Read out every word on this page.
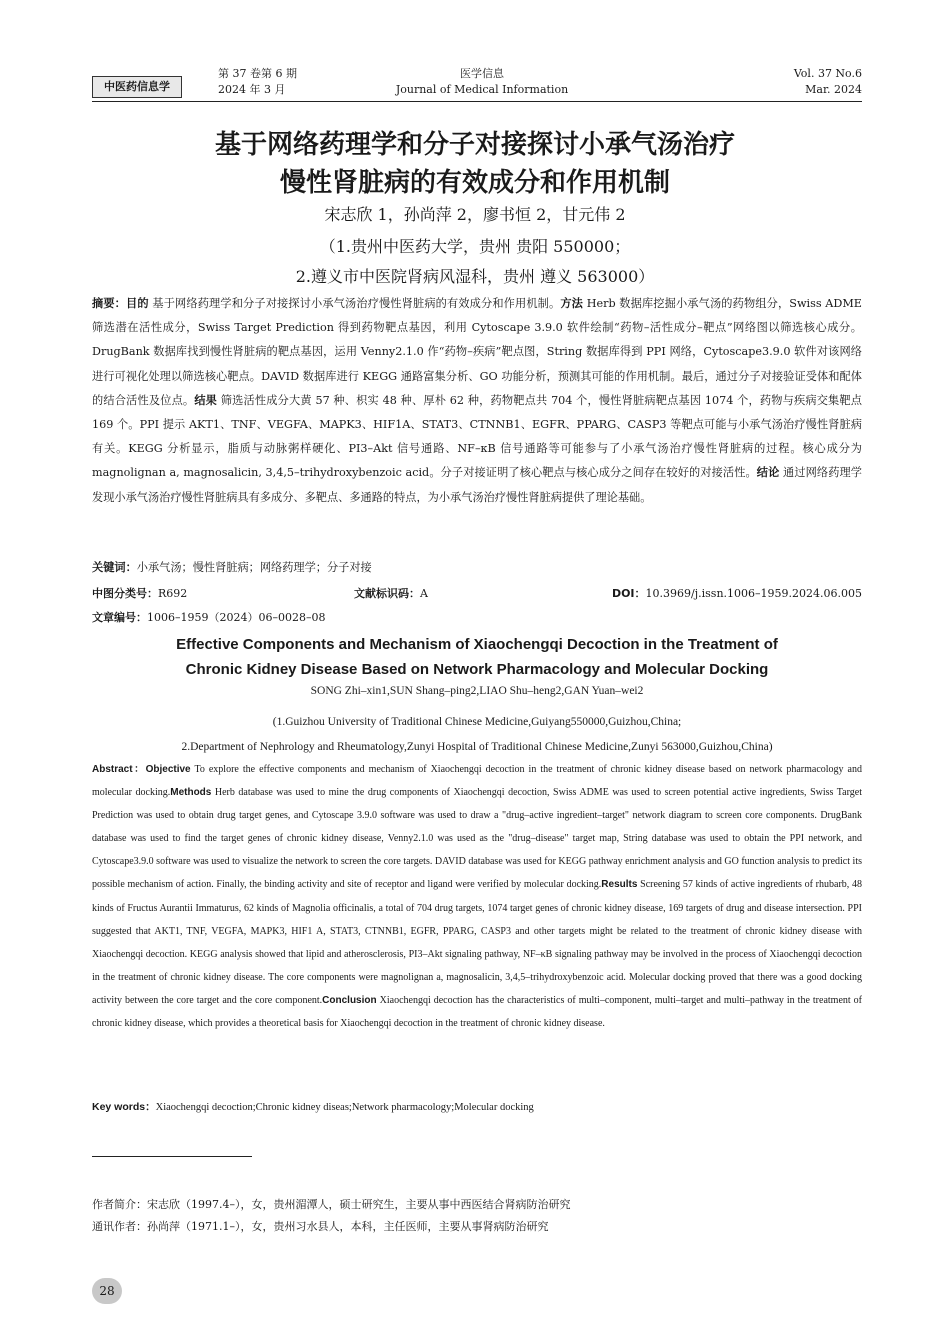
中医药信息学
第 37 卷第 6 期
2024 年 3 月
医学信息
Journal of Medical Information
Vol. 37 No.6
Mar. 2024
基于网络药理学和分子对接探讨小承气汤治疗
慢性肾脏病的有效成分和作用机制
宋志欣 1，孙尚萍 2，廖书恒 2，甘元伟 2
（1.贵州中医药大学，贵州 贵阳 550000；
2.遵义市中医院肾病风湿科，贵州 遵义 563000）
摘要：目的 基于网络药理学和分子对接探讨小承气汤治疗慢性肾脏病的有效成分和作用机制。方法 Herb 数据库挖掘小承气汤的药物组分，Swiss ADME 筛选潜在活性成分，Swiss Target Prediction 得到药物靶点基因，利用 Cytoscape 3.9.0 软件绘制“药物–活性成分–靶点”网络图以筛选核心成分。DrugBank 数据库找到慢性肾脏病的靶点基因，运用 Venny2.1.0 作“药物–疾病”靶点图，String 数据库得到 PPI 网络，Cytoscape3.9.0 软件对该网络进行可视化处理以筛选核心靶点。DAVID 数据库进行 KEGG 通路富集分析、GO 功能分析，预测其可能的作用机制。最后，通过分子对接验证受体和配体的结合活性及位点。结果 筛选活性成分大黄 57 种、枳实 48 种、厚朴 62 种，药物靶点共 704 个，慢性肾脏病靶点基因 1074 个，药物与疾病交集靶点 169 个。PPI 提示 AKT1、TNF、VEGFA、MAPK3、HIF1A、STAT3、CTNNB1、EGFR、PPARG、CASP3 等靶点可能与小承气汤治疗慢性肾脏病有关。KEGG 分析显示，脂质与动脉粥样硬化、PI3–Akt 信号通路、NF–κB 信号通路等可能参与了小承气汤治疗慢性肾脏病的过程。核心成分为 magnolignan a, magnosalicin, 3,4,5–trihydroxybenzoic acid。分子对接证明了核心靶点与核心成分之间存在较好的对接活性。结论 通过网络药理学发现小承气汤治疗慢性肾脏病具有多成分、多靶点、多通路的特点，为小承气汤治疗慢性肾脏病提供了理论基础。
关键词：小承气汤；慢性肾脏病；网络药理学；分子对接
中图分类号：R692	文献标识码：A	DOI：10.3969/j.issn.1006–1959.2024.06.005
文章编号：1006–1959（2024）06–0028–08
Effective Components and Mechanism of Xiaochengqi Decoction in the Treatment of
Chronic Kidney Disease Based on Network Pharmacology and Molecular Docking
SONG Zhi–xin1,SUN Shang–ping2,LIAO Shu–heng2,GAN Yuan–wei2
(1.Guizhou University of Traditional Chinese Medicine,Guiyang550000,Guizhou,China;
2.Department of Nephrology and Rheumatology,Zunyi Hospital of Traditional Chinese Medicine,Zunyi 563000,Guizhou,China)
Abstract：Objective To explore the effective components and mechanism of Xiaochengqi decoction in the treatment of chronic kidney disease based on network pharmacology and molecular docking.Methods Herb database was used to mine the drug components of Xiaochengqi decoction, Swiss ADME was used to screen potential active ingredients, Swiss Target Prediction was used to obtain drug target genes, and Cytoscape 3.9.0 software was used to draw a "drug–active ingredient–target" network diagram to screen core components. DrugBank database was used to find the target genes of chronic kidney disease, Venny2.1.0 was used as the "drug–disease" target map, String database was used to obtain the PPI network, and Cytoscape3.9.0 software was used to visualize the network to screen the core targets. DAVID database was used for KEGG pathway enrichment analysis and GO function analysis to predict its possible mechanism of action. Finally, the binding activity and site of receptor and ligand were verified by molecular docking.Results Screening 57 kinds of active ingredients of rhubarb, 48 kinds of Fructus Aurantii Immaturus, 62 kinds of Magnolia officinalis, a total of 704 drug targets, 1074 target genes of chronic kidney disease, 169 targets of drug and disease intersection. PPI suggested that AKT1, TNF, VEGFA, MAPK3, HIF1 A, STAT3, CTNNB1, EGFR, PPARG, CASP3 and other targets might be related to the treatment of chronic kidney disease with Xiaochengqi decoction. KEGG analysis showed that lipid and atherosclerosis, PI3–Akt signaling pathway, NF–κB signaling pathway may be involved in the process of Xiaochengqi decoction in the treatment of chronic kidney disease. The core components were magnolignan a, magnosalicin, 3,4,5–trihydroxybenzoic acid. Molecular docking proved that there was a good docking activity between the core target and the core component.Conclusion Xiaochengqi decoction has the characteristics of multi–component, multi–target and multi–pathway in the treatment of chronic kidney disease, which provides a theoretical basis for Xiaochengqi decoction in the treatment of chronic kidney disease.
Key words：Xiaochengqi decoction;Chronic kidney diseas;Network pharmacology;Molecular docking
作者简介：宋志欣（1997.4–），女，贵州湄潭人，硕士研究生，主要从事中西医结合肾病防治研究
通讯作者：孙尚萍（1971.1–），女，贵州习水县人，本科，主任医师，主要从事肾病防治研究
28
